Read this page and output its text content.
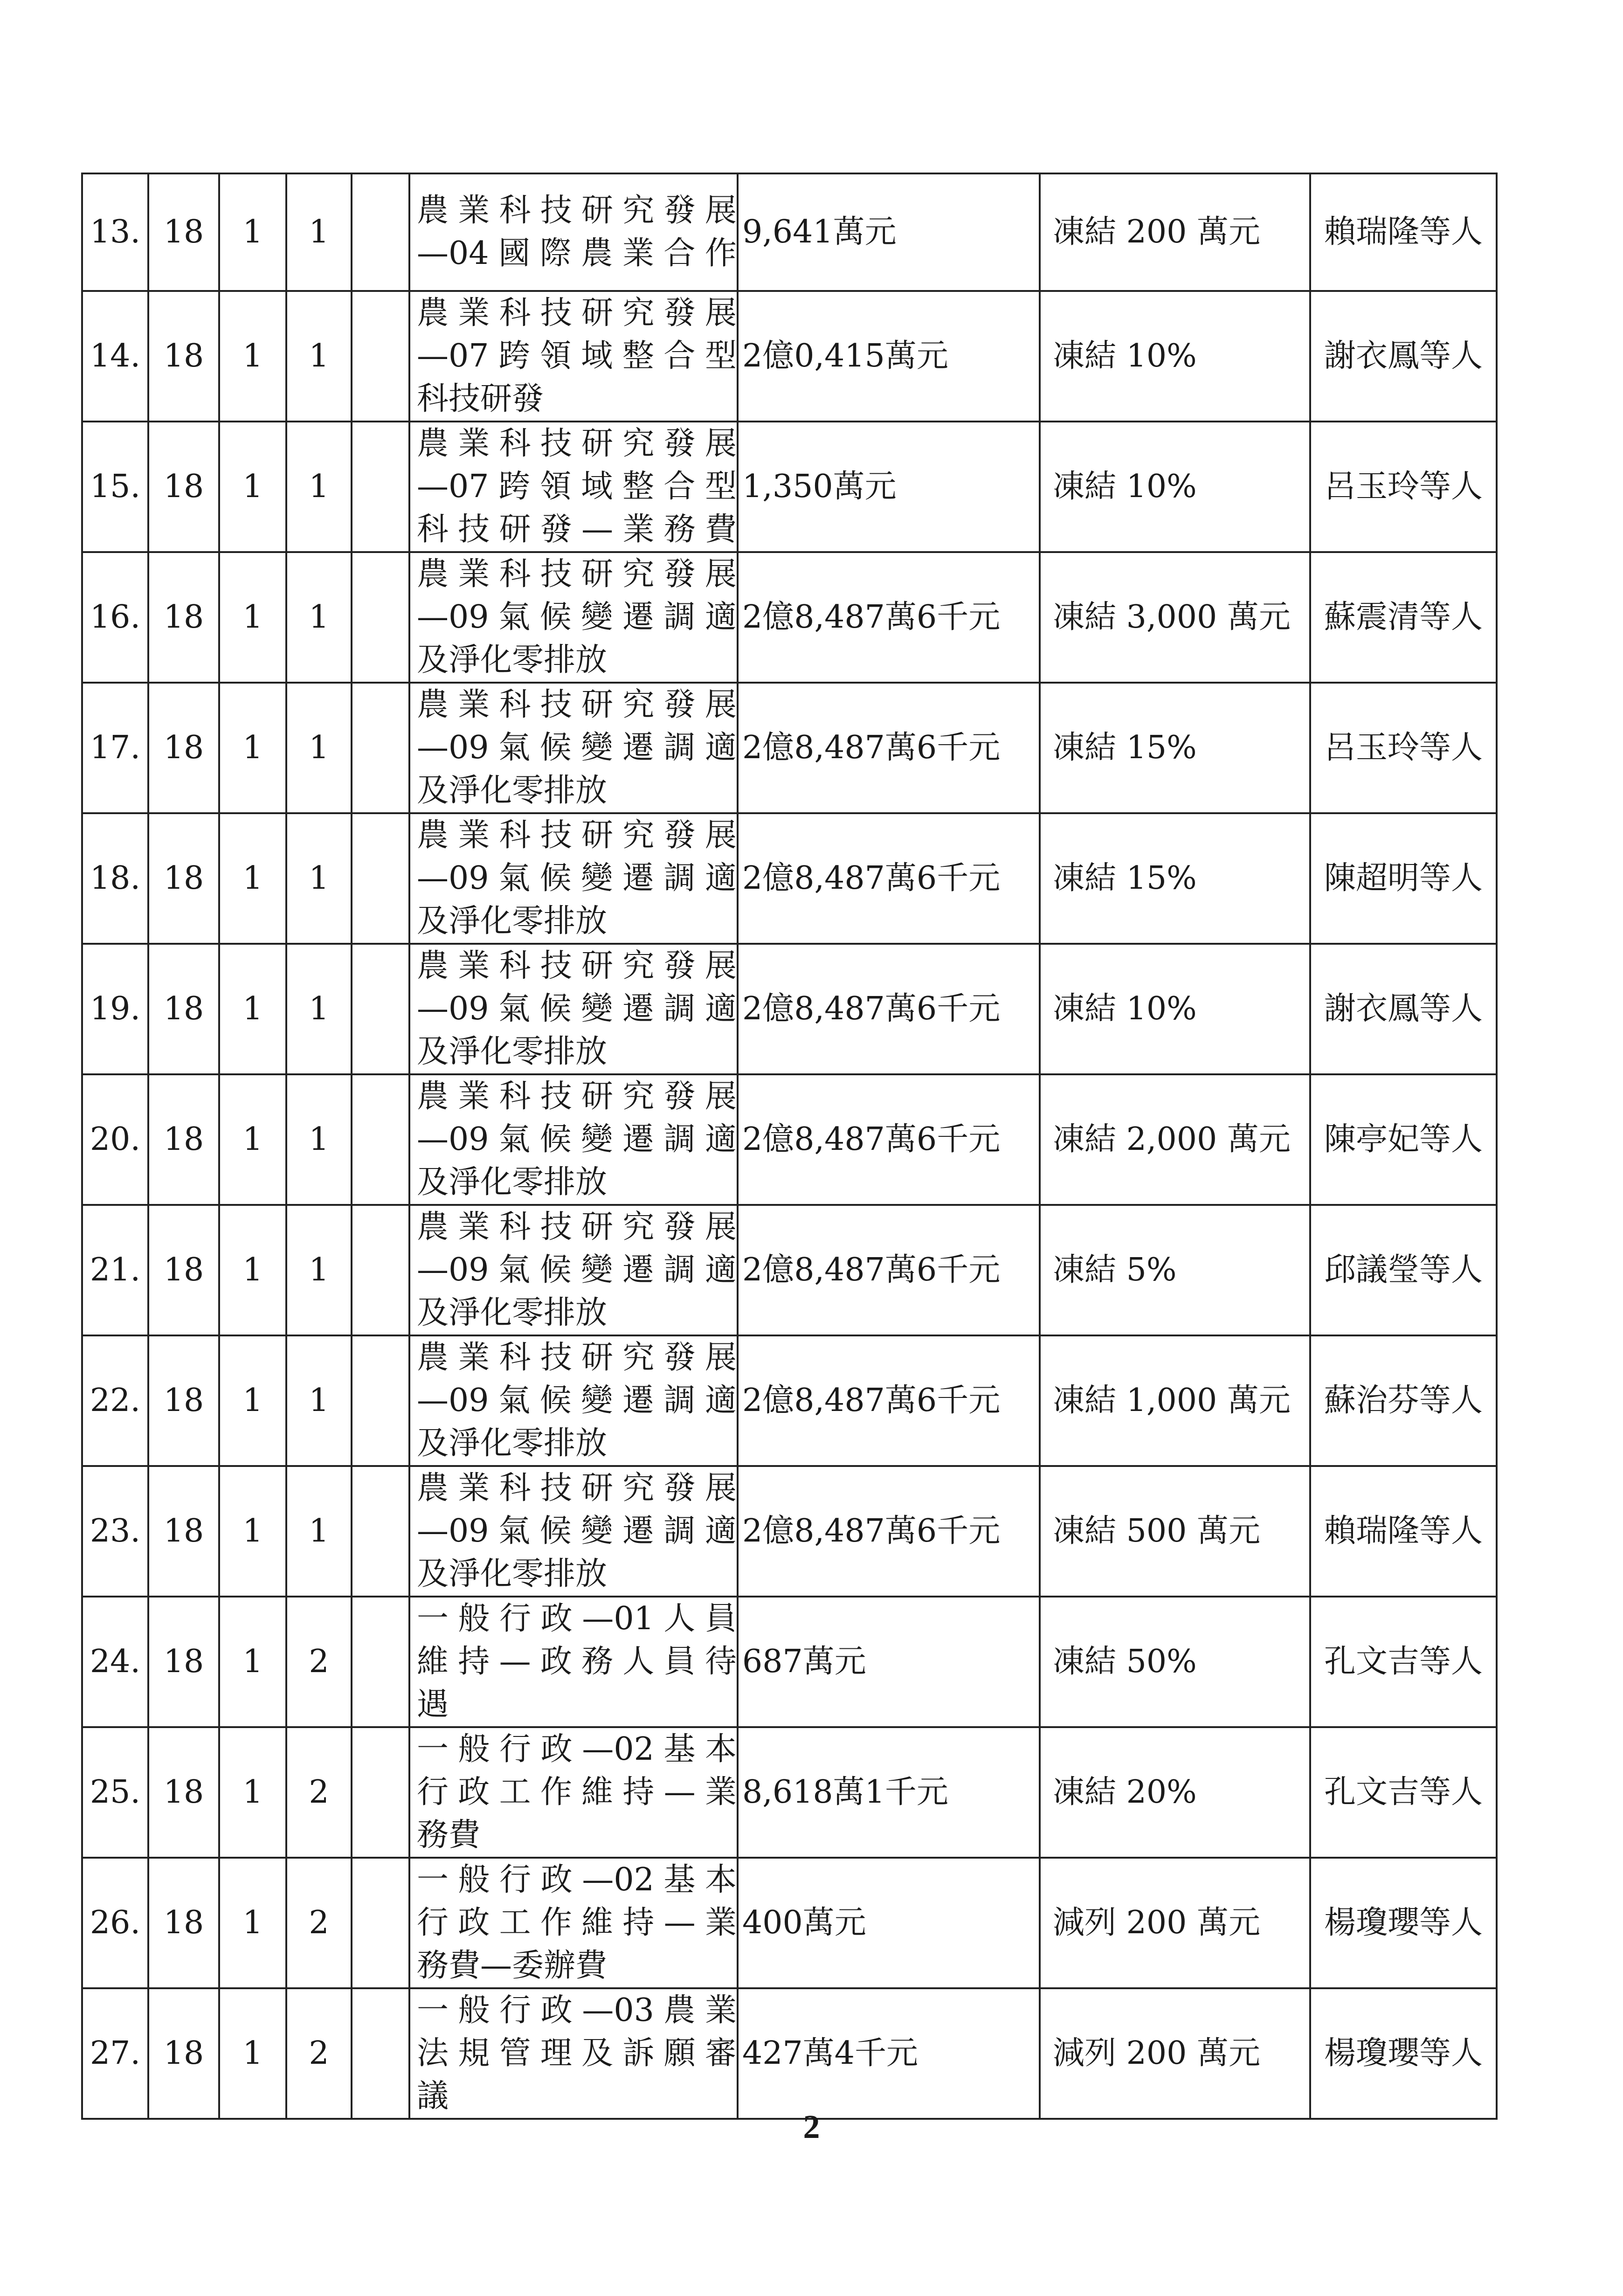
13.	18	1	1		農業科技研究發展
—04國際農業合作	9,641萬元	凍結 200 萬元	賴瑞隆等人
14.	18	1	1		農業科技研究發展
—07跨領域整合型
科技研發	2億0,415萬元	凍結 10%	謝衣鳳等人
15.	18	1	1		農業科技研究發展
—07跨領域整合型
科技研發—業務費	1,350萬元	凍結 10%	呂玉玲等人
16.	18	1	1		農業科技研究發展
—09氣候變遷調適
及淨化零排放	2億8,487萬6千元	凍結 3,000 萬元	蘇震清等人
17.	18	1	1		農業科技研究發展
—09氣候變遷調適
及淨化零排放	2億8,487萬6千元	凍結 15%	呂玉玲等人
18.	18	1	1		農業科技研究發展
—09氣候變遷調適
及淨化零排放	2億8,487萬6千元	凍結 15%	陳超明等人
19.	18	1	1		農業科技研究發展
—09氣候變遷調適
及淨化零排放	2億8,487萬6千元	凍結 10%	謝衣鳳等人
20.	18	1	1		農業科技研究發展
—09氣候變遷調適
及淨化零排放	2億8,487萬6千元	凍結 2,000 萬元	陳亭妃等人
21.	18	1	1		農業科技研究發展
—09氣候變遷調適
及淨化零排放	2億8,487萬6千元	凍結 5%	邱議瑩等人
22.	18	1	1		農業科技研究發展
—09氣候變遷調適
及淨化零排放	2億8,487萬6千元	凍結 1,000 萬元	蘇治芬等人
23.	18	1	1		農業科技研究發展
—09氣候變遷調適
及淨化零排放	2億8,487萬6千元	凍結 500 萬元	賴瑞隆等人
24.	18	1	2		一般行政—01人員
維持—政務人員待
遇	687萬元	凍結 50%	孔文吉等人
25.	18	1	2		一般行政—02基本
行政工作維持—業
務費	8,618萬1千元	凍結 20%	孔文吉等人
26.	18	1	2		一般行政—02基本
行政工作維持—業
務費—委辦費	400萬元	減列 200 萬元	楊瓊瓔等人
27.	18	1	2		一般行政—03農業
法規管理及訴願審
議	427萬4千元	減列 200 萬元	楊瓊瓔等人
2
